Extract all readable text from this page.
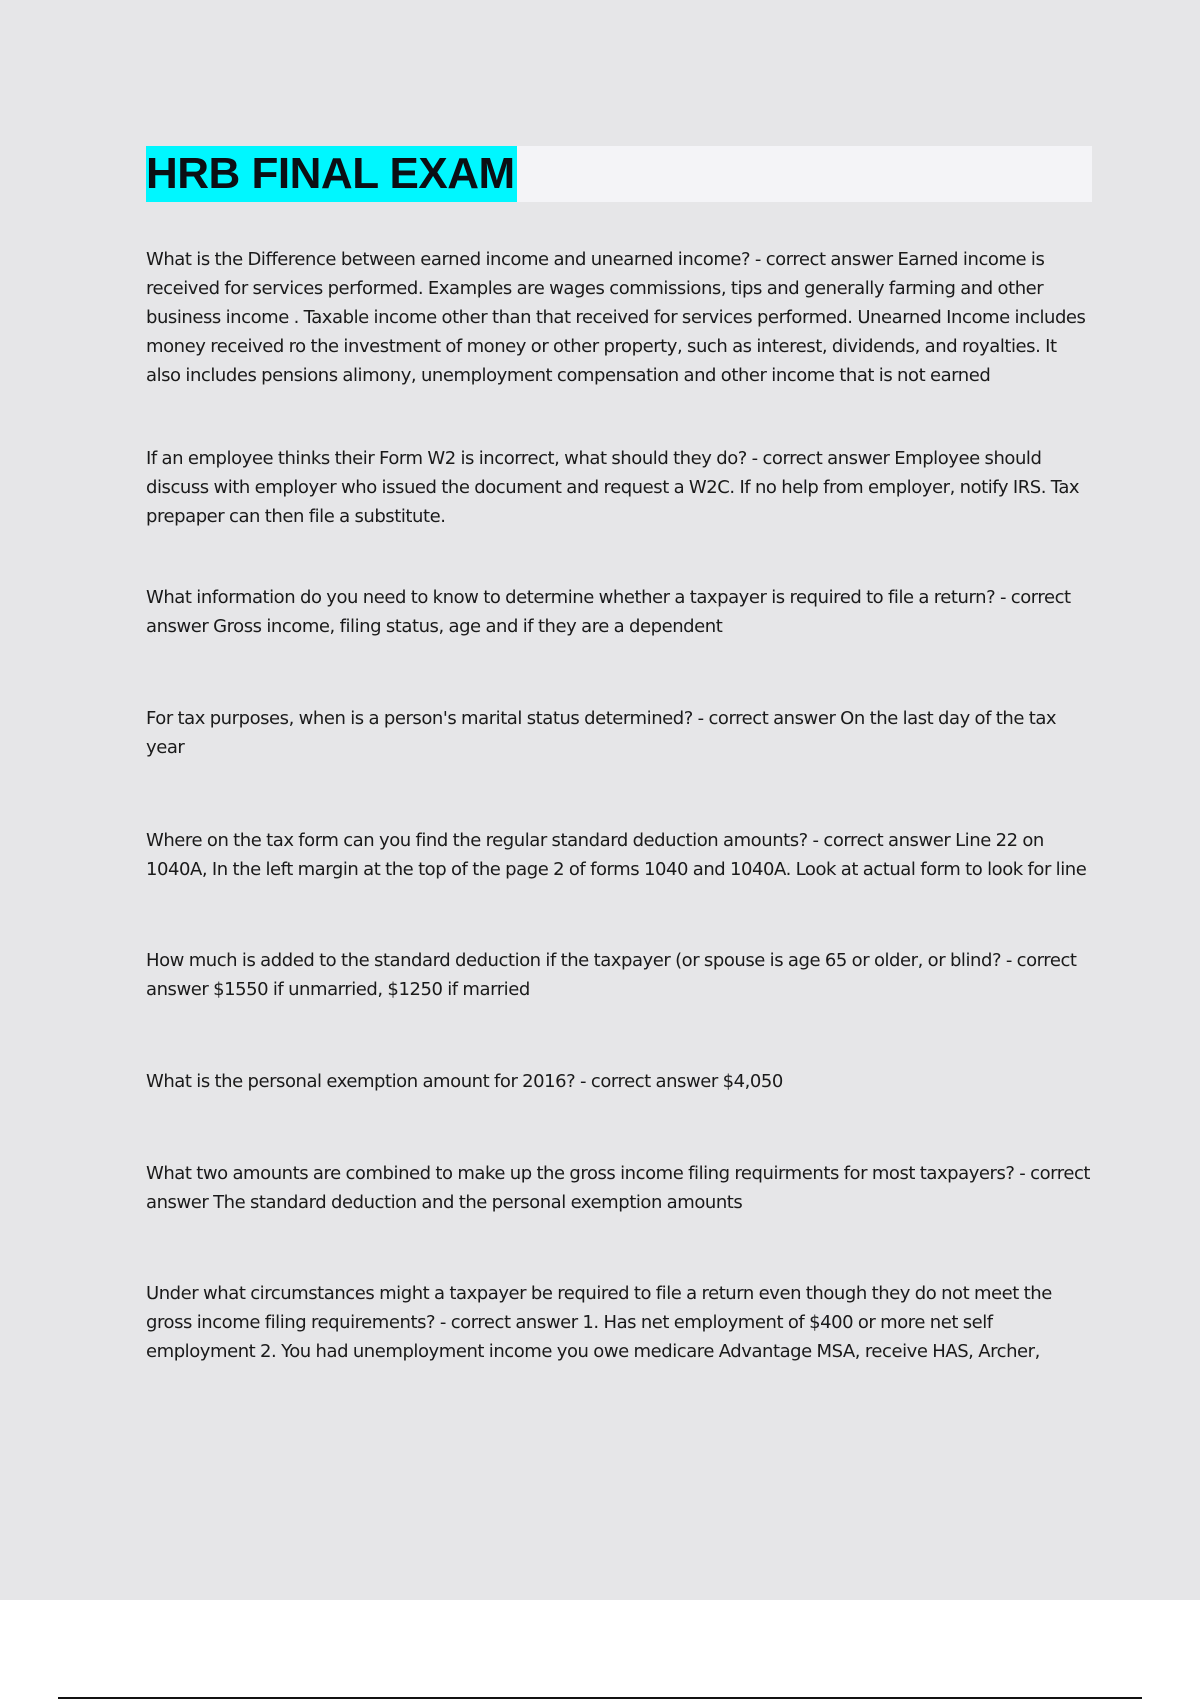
HRB FINAL EXAM

What is the Difference between earned income and unearned income? - correct answer Earned income is received for services performed. Examples are wages commissions, tips and generally farming and other business income . Taxable income other than that received for services performed. Unearned Income includes money received ro the investment of money or other property, such as interest, dividends, and royalties. It also includes pensions alimony, unemployment compensation and other income that is not earned

If an employee thinks their Form W2 is incorrect, what should they do? - correct answer Employee should discuss with employer who issued the document and request a W2C. If no help from employer, notify IRS. Tax prepaper can then file a substitute.

What information do you need to know to determine whether a taxpayer is required to file a return? - correct answer Gross income, filing status, age and if they are a dependent

For tax purposes, when is a person's marital status determined? - correct answer On the last day of the tax year

Where on the tax form can you find the regular standard deduction amounts? - correct answer Line 22 on 1040A, In the left margin at the top of the page 2 of forms 1040 and 1040A. Look at actual form to look for line

How much is added to the standard deduction if the taxpayer (or spouse is age 65 or older, or blind? - correct answer $1550 if unmarried, $1250 if married

What is the personal exemption amount for 2016? - correct answer $4,050

What two amounts are combined to make up the gross income filing requirments for most taxpayers? - correct answer The standard deduction and the personal exemption amounts

Under what circumstances might a taxpayer be required to file a return even though they do not meet the gross income filing requirements? - correct answer 1. Has net employment of $400 or more net self employment 2. You had unemployment income you owe medicare Advantage MSA, receive HAS, Archer,
